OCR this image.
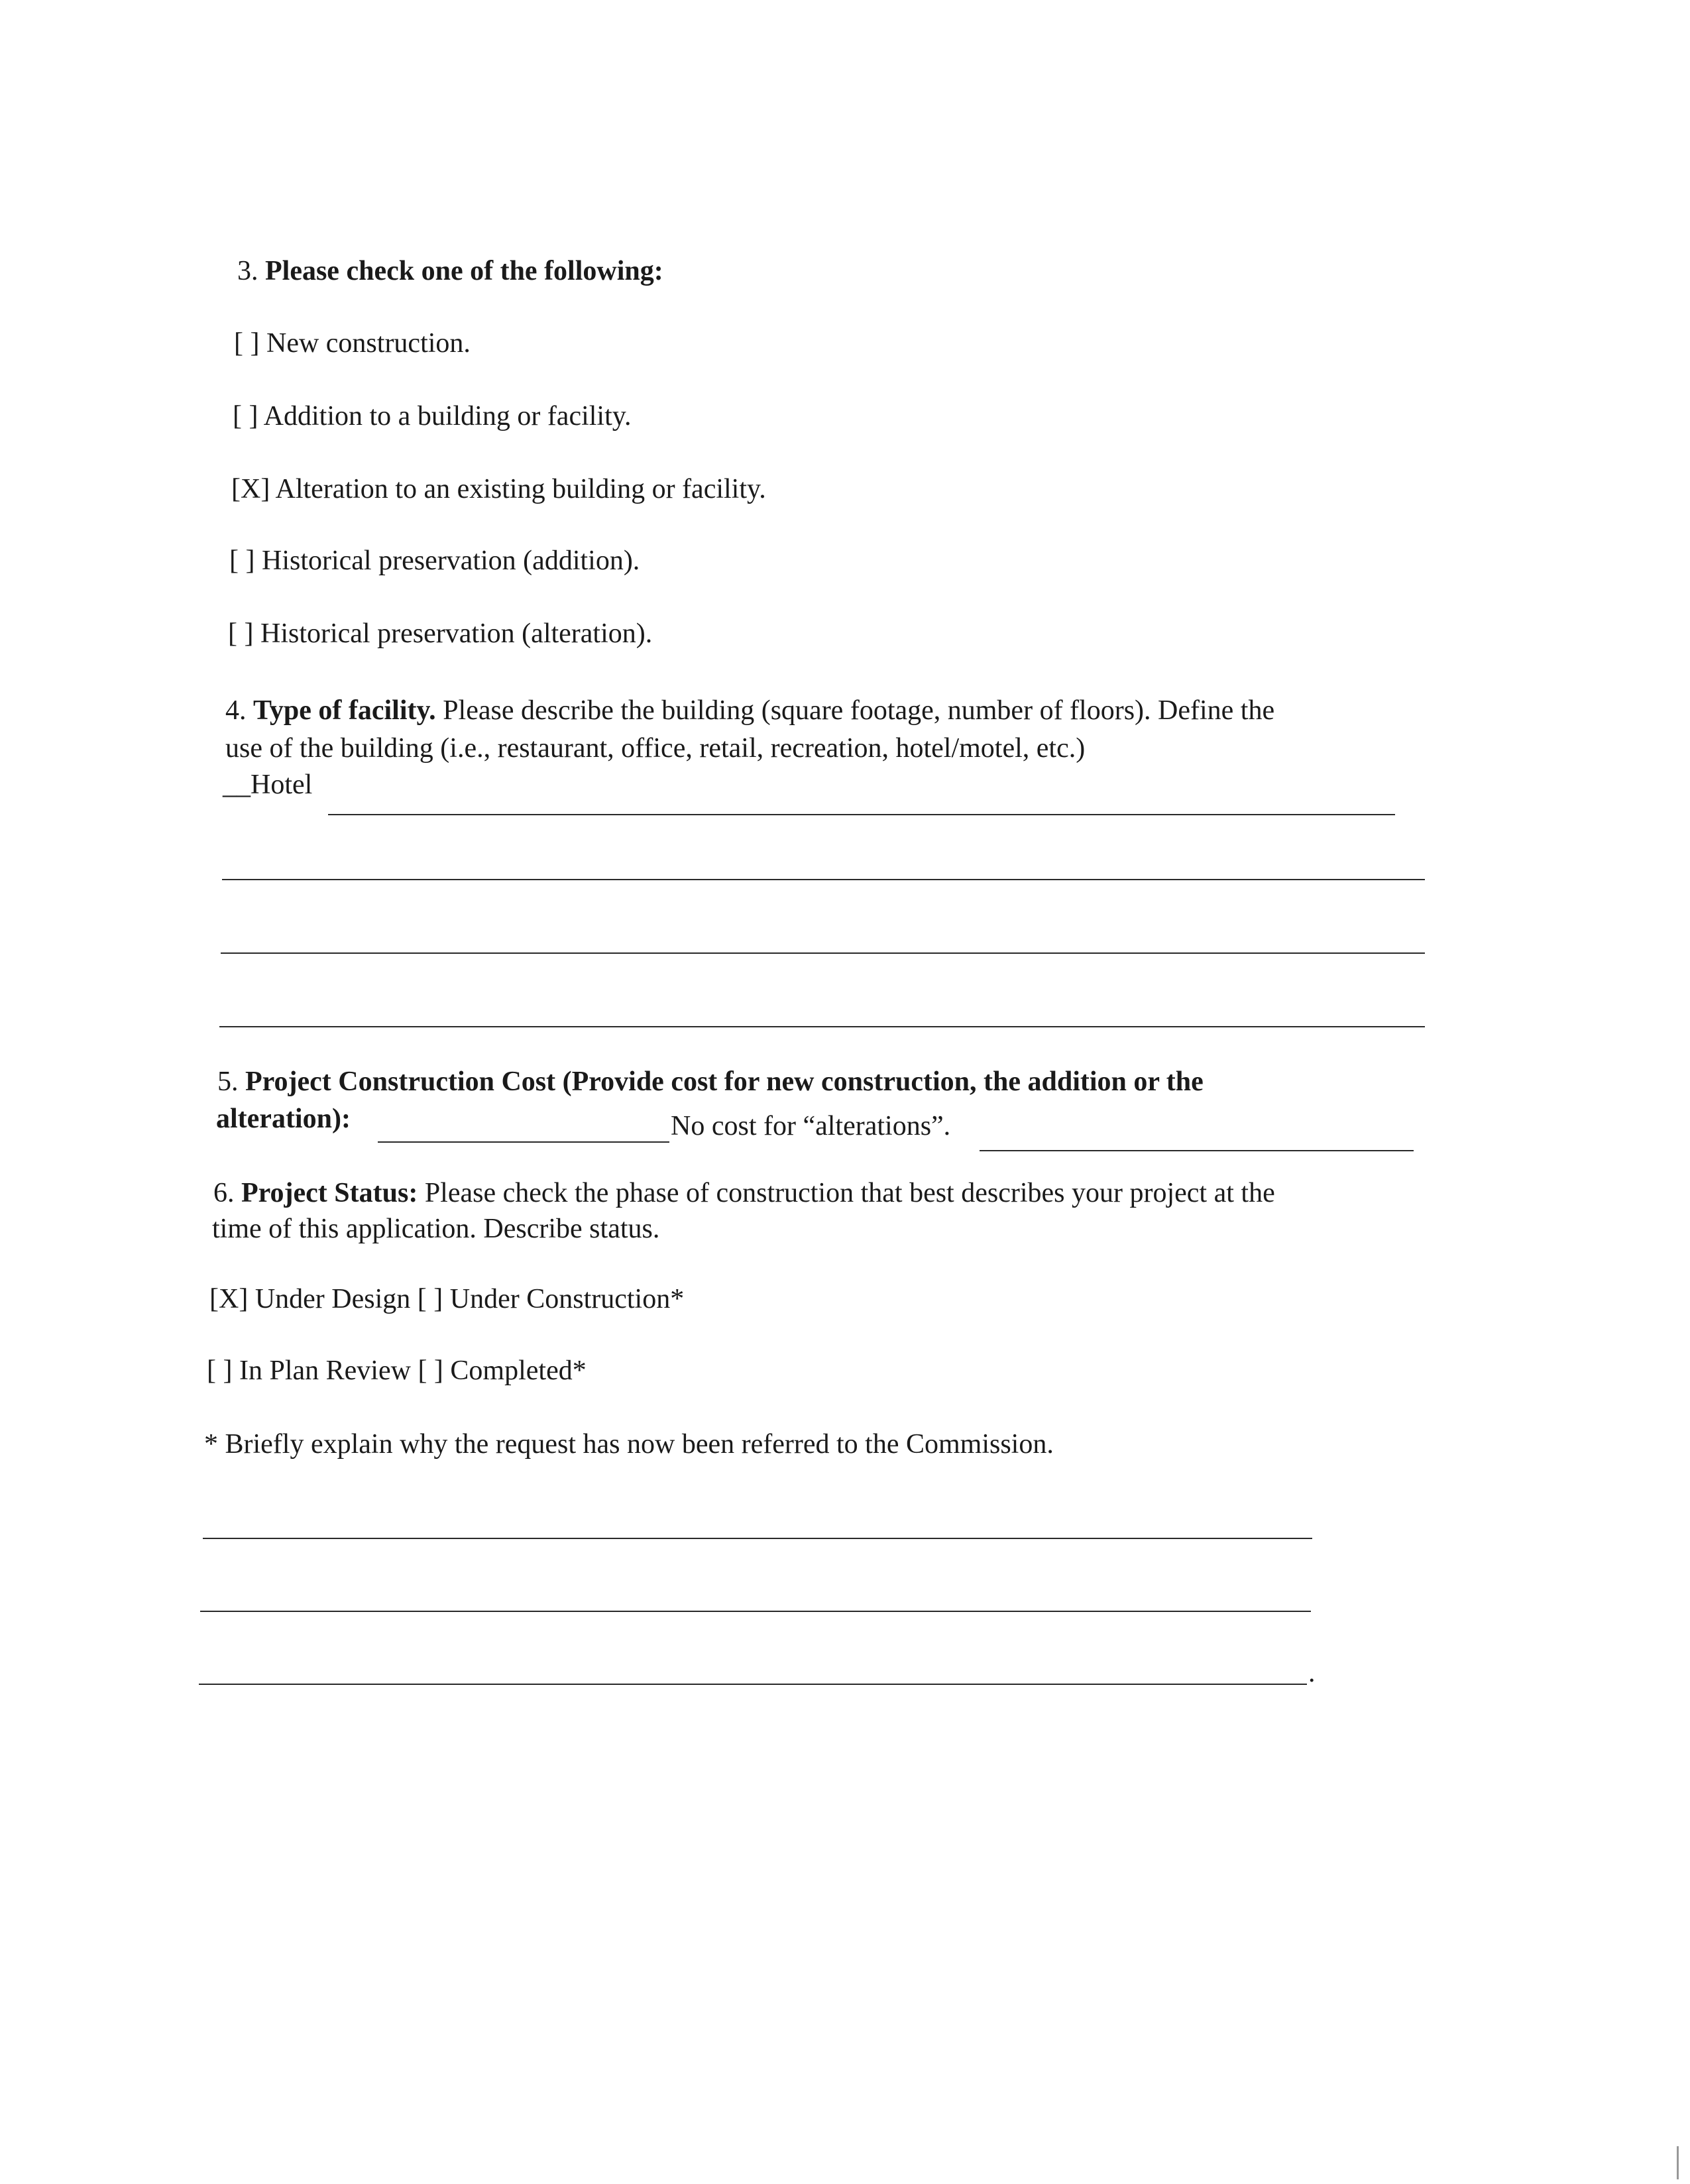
3. Please check one of the following:
[ ] New construction.
[ ] Addition to a building or facility.
[X] Alteration to an existing building or facility.
[ ] Historical preservation (addition).
[ ] Historical preservation (alteration).
4. Type of facility. Please describe the building (square footage, number of floors). Define the
use of the building (i.e., restaurant, office, retail, recreation, hotel/motel, etc.)
__Hotel
5. Project Construction Cost (Provide cost for new construction, the addition or the
alteration):	No cost for “alterations”.
6. Project Status: Please check the phase of construction that best describes your project at the
time of this application. Describe status.
[X] Under Design [ ] Under Construction*
[ ] In Plan Review [ ] Completed*
* Briefly explain why the request has now been referred to the Commission.
.
